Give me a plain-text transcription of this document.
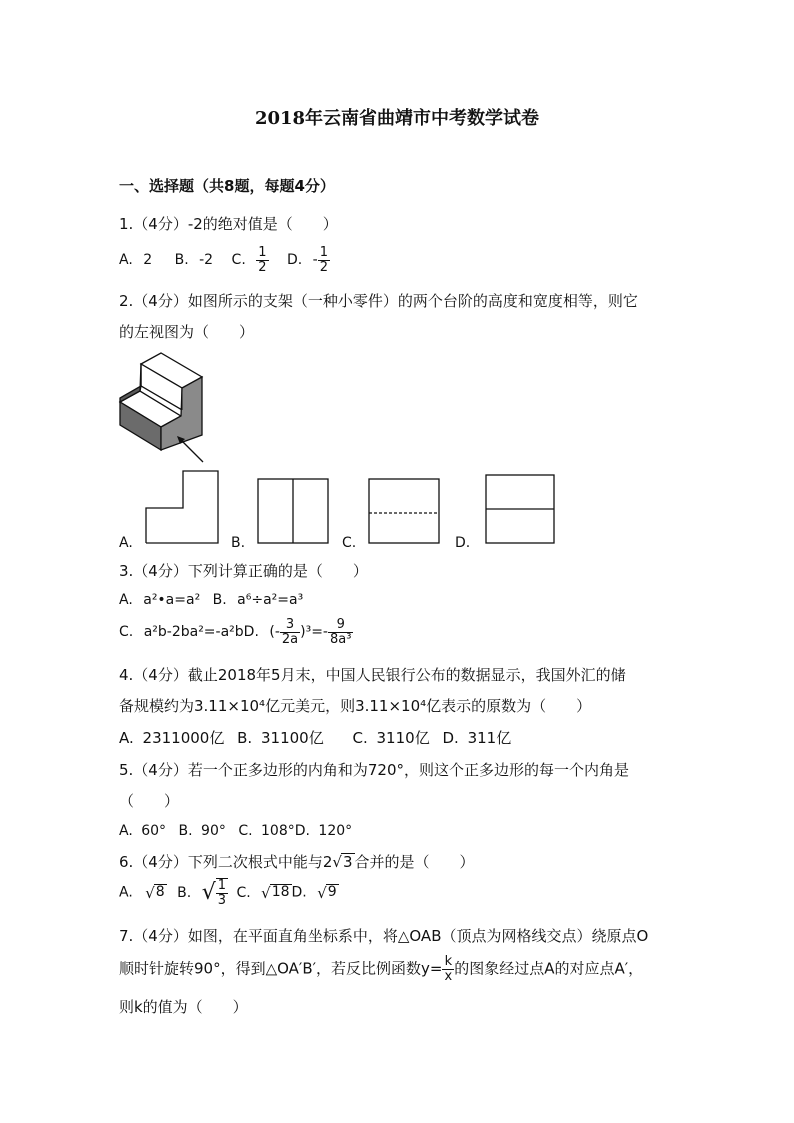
2018年云南省曲靖市中考数学试卷
一、选择题（共8题，每题4分）
1.（4分）-2的绝对值是（　　）
A. 2 B. -2 C. $\frac{1}{2} D$. - $\frac{1}{2}$
2.（4分）如图所示的支架（一种小零件）的两个台阶的高度和宽度相等，则它
的左视图为（　　）
A.	B.	C.	D.
3.（4分）下列计算正确的是（　　）
A. a²•a=a² B. a⁶÷a²=a³
C. a²b-2ba²=-a²bD. (- $\frac{3}{2a} )^3=- \frac{9}{\text{8a³}}$
4.（4分）截止2018年5月末，中国人民银行公布的数据显示，我国外汇的储
备规模约为3.11×10⁴亿元美元，则3.11×10⁴亿表示的原数为（　　）
A. 2311000亿 B. 31100亿 C. 3110亿 D. 311亿
5.（4分）若一个正多边形的内角和为720°，则这个正多边形的每一个内角是
（　　）
A. 60° B. 90° C. 108°D. 120°
6.（4分）下列二次根式中能与2√3 合并的是（　　）
A. √8 B. √ $\frac{1}{3} C$. √18 D. √9
7.（4分）如图，在平面直角坐标系中，将△OAB（顶点为网格线交点）绕原点O
顺时针旋转90°，得到△OA′B′，若反比例函数$y= \frac{k}{x}$ 的图象经过点A的对应点A′，
则k的值为（　　）
